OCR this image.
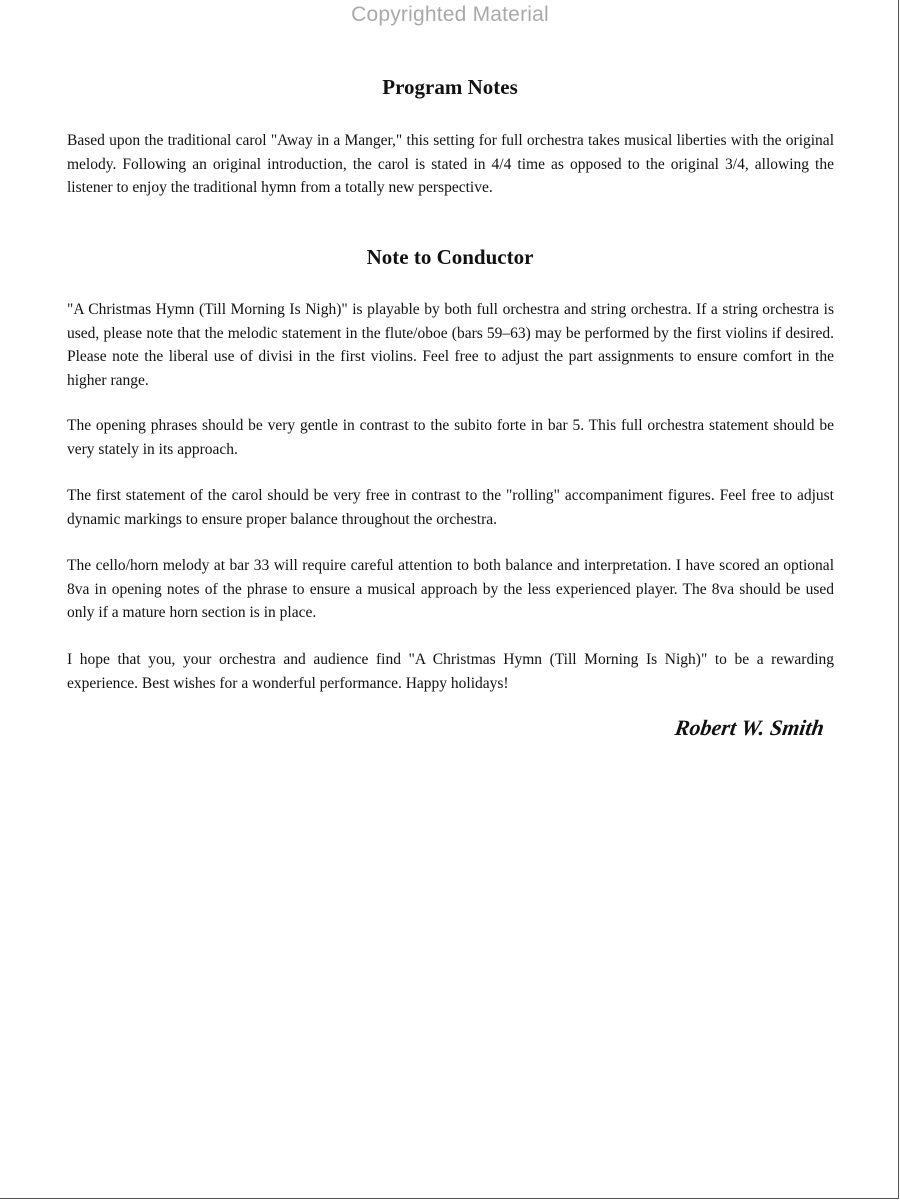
Copyrighted Material
Program Notes

Based upon the traditional carol "Away in a Manger," this setting for full orchestra takes musical liberties with the original melody. Following an original introduction, the carol is stated in 4/4 time as opposed to the original 3/4, allowing the listener to enjoy the traditional hymn from a totally new perspective.

Note to Conductor

"A Christmas Hymn (Till Morning Is Nigh)" is playable by both full orchestra and string orchestra. If a string orchestra is used, please note that the melodic statement in the flute/oboe (bars 59–63) may be performed by the first violins if desired. Please note the liberal use of divisi in the first violins. Feel free to adjust the part assignments to ensure comfort in the higher range.

The opening phrases should be very gentle in contrast to the subito forte in bar 5. This full orchestra statement should be very stately in its approach.

The first statement of the carol should be very free in contrast to the "rolling" accompaniment figures. Feel free to adjust dynamic markings to ensure proper balance throughout the orchestra.

The cello/horn melody at bar 33 will require careful attention to both balance and interpretation. I have scored an optional 8va in opening notes of the phrase to ensure a musical approach by the less experienced player. The 8va should be used only if a mature horn section is in place.

I hope that you, your orchestra and audience find "A Christmas Hymn (Till Morning Is Nigh)" to be a rewarding experience. Best wishes for a wonderful performance. Happy holidays!

Robert W. Smith
